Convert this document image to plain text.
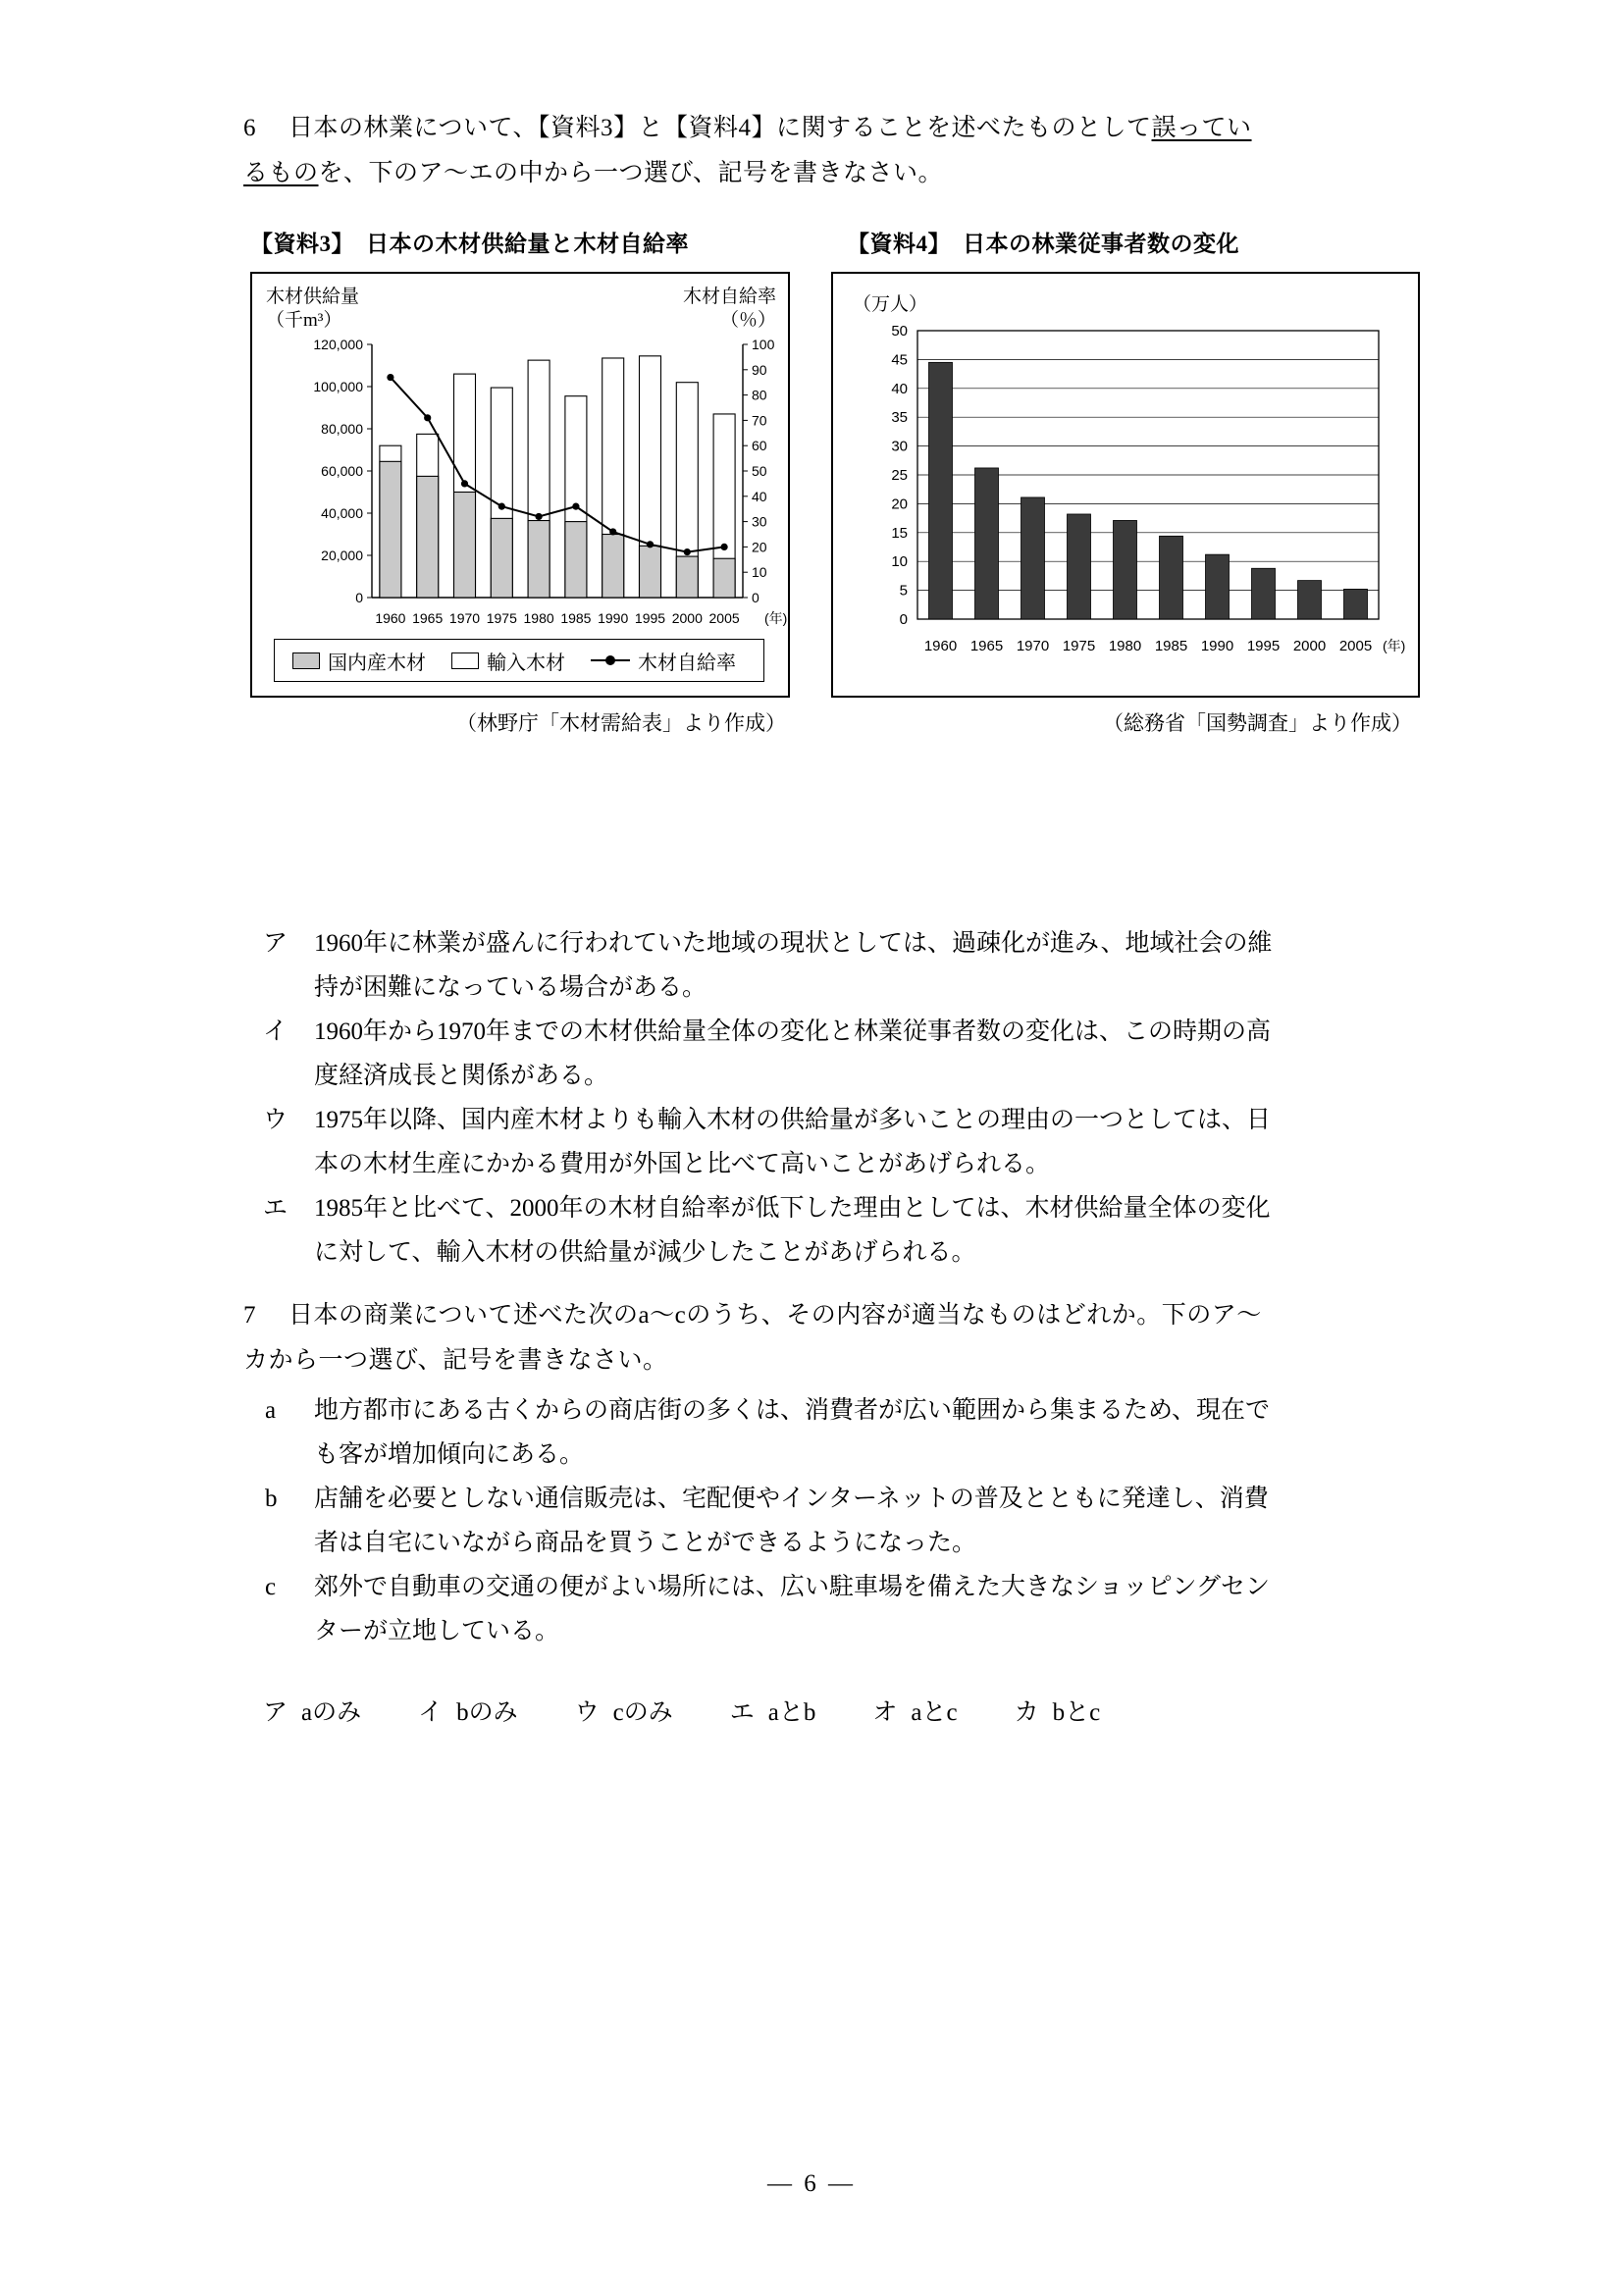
6 日本の林業について、【資料3】と【資料4】に関することを述べたものとして誤ってい
るものを、下のア～エの中から一つ選び、記号を書きなさい。
【資料3】　日本の木材供給量と木材自給率	【資料4】　日本の林業従事者数の変化
木材供給量
（千m³）
木材自給率
（％）
0
20,000
40,000
60,000
80,000
100,000
120,000
0
10
20
30
40
50
60
70
80
90
100
1960 1965 1970 1975 1980 1985 1990 1995 2000 2005 (年)
国内産木材	輸入木材	木材自給率
（万人）
0
5
10
15
20
25
30
35
40
45
50
1960 1965 1970 1975 1980 1985 1990 1995 2000 2005 (年)
（林野庁「木材需給表」より作成）	（総務省「国勢調査」より作成）
ア	1960年に林業が盛んに行われていた地域の現状としては、過疎化が進み、地域社会の維
持が困難になっている場合がある。
イ	1960年から1970年までの木材供給量全体の変化と林業従事者数の変化は、この時期の高
度経済成長と関係がある。
ウ	1975年以降、国内産木材よりも輸入木材の供給量が多いことの理由の一つとしては、日
本の木材生産にかかる費用が外国と比べて高いことがあげられる。
エ	1985年と比べて、2000年の木材自給率が低下した理由としては、木材供給量全体の変化
に対して、輸入木材の供給量が減少したことがあげられる。
7 日本の商業について述べた次のa～cのうち、その内容が適当なものはどれか。下のア～
カから一つ選び、記号を書きなさい。
a	地方都市にある古くからの商店街の多くは、消費者が広い範囲から集まるため、現在で
も客が増加傾向にある。
b	店舗を必要としない通信販売は、宅配便やインターネットの普及とともに発達し、消費
者は自宅にいながら商品を買うことができるようになった。
c	郊外で自動車の交通の便がよい場所には、広い駐車場を備えた大きなショッピングセン
ターが立地している。
ア aのみ イ bのみ ウ cのみ エ aとb オ aとc カ bとc
— 6 —
